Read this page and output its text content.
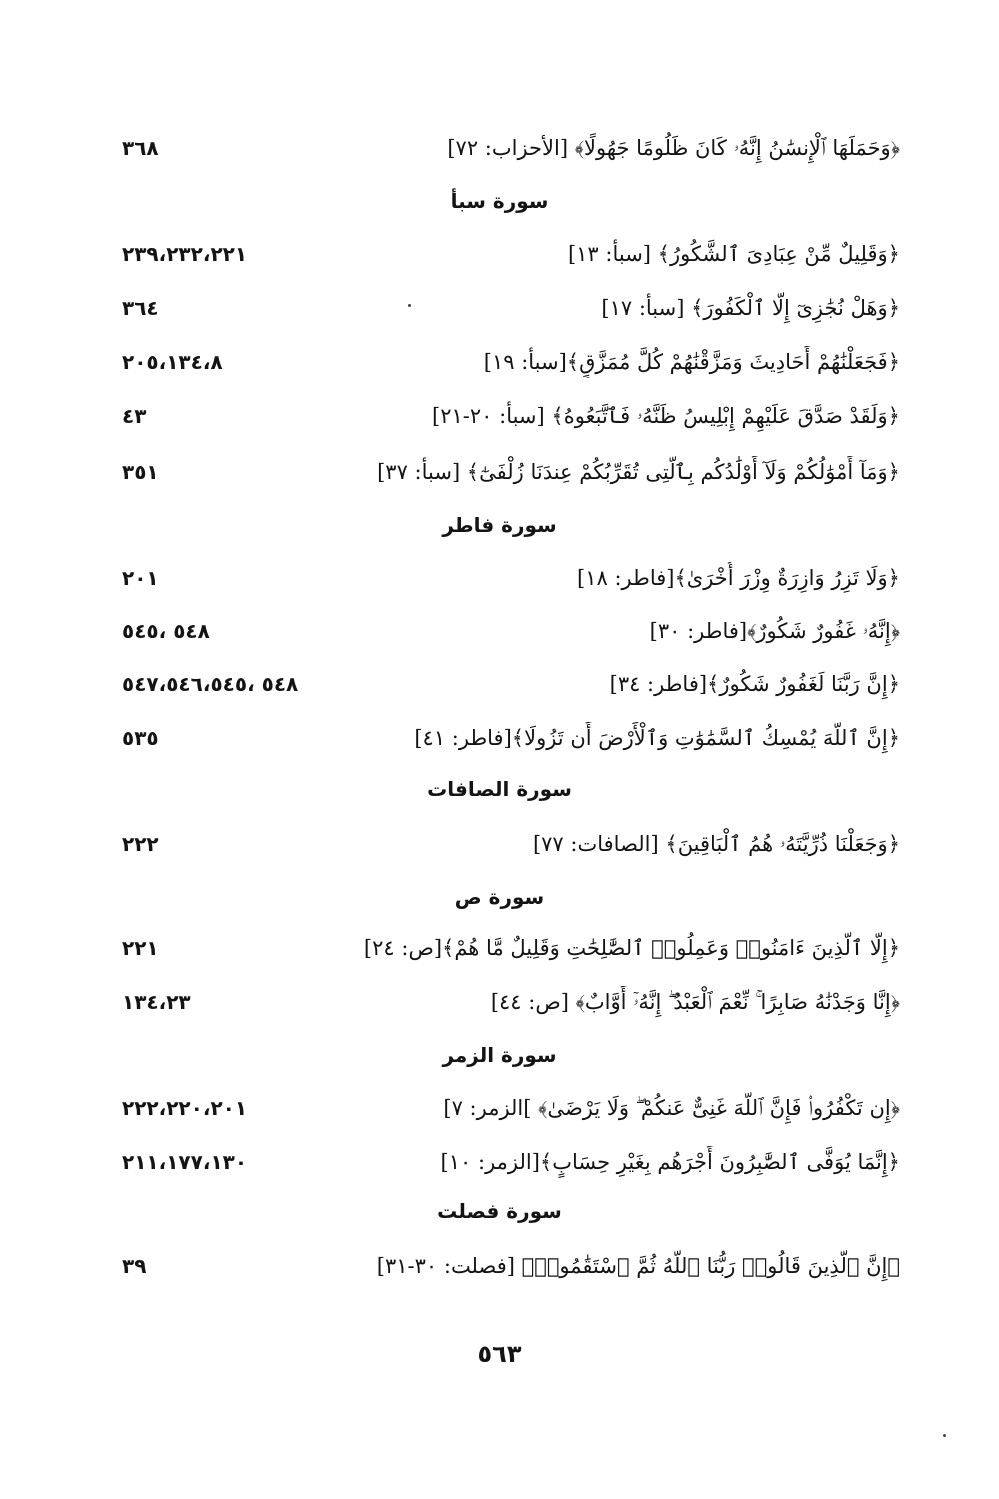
﴿وَحَمَلَهَا ٱلْإِنسَٰنُ إِنَّهُۥ كَانَ ظَلُومًا جَهُولًا﴾ [الأحزاب: ٧٢]
٣٦٨
سورة سبأ
﴿وَقَلِيلٌ مِّنْ عِبَادِىَ ٱلشَّكُورُ﴾ [سبأ: ١٣]
٢٣٩،٢٣٢،٢٢١
﴿وَهَلْ نُجَٰزِىٓ إِلَّا ٱلْكَفُورَ﴾ [سبأ: ١٧]
٣٦٤
﴿فَجَعَلْنَٰهُمْ أَحَادِيثَ وَمَزَّقْنَٰهُمْ كُلَّ مُمَزَّقٍ﴾[سبأ: ١٩]
٢٠٥،١٣٤،٨
﴿وَلَقَدْ صَدَّقَ عَلَيْهِمْ إِبْلِيسُ ظَنَّهُۥ فَٱتَّبَعُوهُ﴾ [سبأ: ٢٠-٢١]
٤٣
﴿وَمَآ أَمْوَٰلُكُمْ وَلَآ أَوْلَٰدُكُم بِٱلَّتِى تُقَرِّبُكُمْ عِندَنَا زُلْفَىٰٓ﴾ [سبأ: ٣٧]
٣٥١
سورة فاطر
﴿وَلَا تَزِرُ وَازِرَةٌ وِزْرَ أُخْرَىٰ﴾[فاطر: ١٨]
٢٠١
﴿إِنَّهُۥ غَفُورٌ شَكُورٌ﴾[فاطر: ٣٠]
٥٤٨ ،٥٤٥
﴿إِنَّ رَبَّنَا لَغَفُورٌ شَكُورٌ﴾[فاطر: ٣٤]
٥٤٨ ،٥٤٧،٥٤٦،٥٤٥
﴿إِنَّ ٱللَّهَ يُمْسِكُ ٱلسَّمَٰوَٰتِ وَٱلْأَرْضَ أَن تَزُولَا﴾[فاطر: ٤١]
٥٣٥
سورة الصافات
﴿وَجَعَلْنَا ذُرِّيَّتَهُۥ هُمُ ٱلْبَاقِينَ﴾ [الصافات: ٧٧]
٢٢٢
سورة ص
﴿إِلَّا ٱلَّذِينَ ءَامَنُوا۟ وَعَمِلُوا۟ ٱلصَّٰلِحَٰتِ وَقَلِيلٌ مَّا هُمْ﴾[ص: ٢٤]
٢٢١
﴿إِنَّا وَجَدْنَٰهُ صَابِرًا ۚ نِّعْمَ ٱلْعَبْدُ ۖ إِنَّهُۥٓ أَوَّابٌ﴾ [ص: ٤٤]
١٣٤،٢٣
سورة الزمر
﴿إِن تَكْفُرُوا۟ فَإِنَّ ٱللَّهَ غَنِىٌّ عَنكُمْ ۖ وَلَا يَرْضَىٰ﴾ ]الزمر: ٧]
٢٢٢،٢٢٠،٢٠١
﴿إِنَّمَا يُوَفَّى ٱلصَّٰبِرُونَ أَجْرَهُم بِغَيْرِ حِسَابٍ﴾[الزمر: ١٠]
٢١١،١٧٧،١٣٠
سورة فصلت
﴿إِنَّ ٱلَّذِينَ قَالُوا۟ رَبُّنَا ٱللَّهُ ثُمَّ ٱسْتَقَٰمُوا۟﴾ [فصلت: ٣٠-٣١]
٣٩
٥٦٣
